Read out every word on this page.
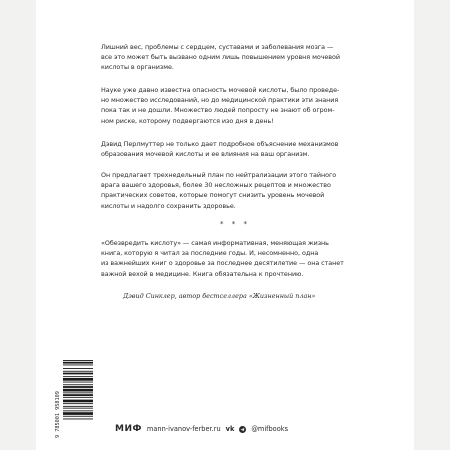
Лишний вес, проблемы с сердцем, суставами и заболевания мозга —
все это может быть вызвано одним лишь повышением уровня мочевой
кислоты в организме.
Науке уже давно известна опасность мочевой кислоты, было проведе-
но множество исследований, но до медицинской практики эти знания
пока так и не дошли. Множество людей попросту не знают об огром-
ном риске, которому подвергаются изо дня в день!
Дэвид Перлмуттер не только дает подробное объяснение механизмов
образования мочевой кислоты и ее влияния на ваш организм.
Он предлагает трехнедельный план по нейтрализации этого тайного
врага вашего здоровья, более 30 несложных рецептов и множество
практических советов, которые помогут снизить уровень мочевой
кислоты и надолго сохранить здоровье.
* * *
«Обезвредить кислоту» — самая информативная, меняющая жизнь
книга, которую я читал за последние годы. И, несомненно, одна
из важнейших книг о здоровье за последнее десятилетие — она станет
важной вехой в медицине. Книга обязательна к прочтению.
Дэвид Синклер, автор бестселлера «Жизненный план»
9 785001 958109	МИФ mann-ivanov-ferber.ru vk	@mifbooks
